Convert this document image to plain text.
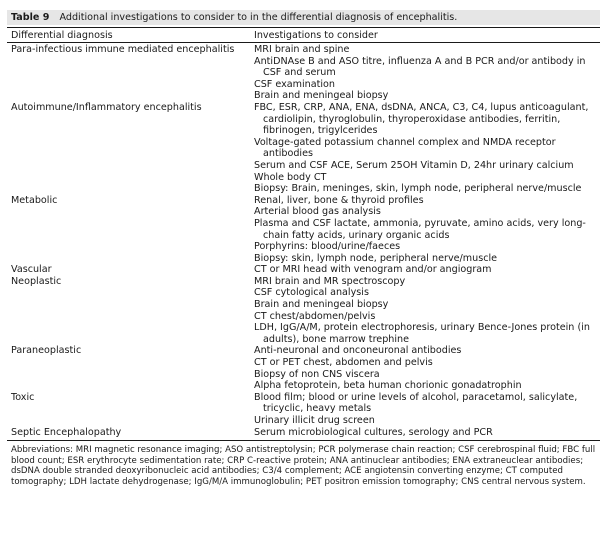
Table 9 Additional investigations to consider to in the differential diagnosis of encephalitis.
Differential diagnosis	Investigations to consider
Para-infectious immune mediated encephalitis	MRI brain and spine
AntiDNAse B and ASO titre, influenza A and B PCR and/or antibody in CSF and serum
CSF examination
Brain and meningeal biopsy
Autoimmune/Inflammatory encephalitis	FBC, ESR, CRP, ANA, ENA, dsDNA, ANCA, C3, C4, lupus anticoagulant, cardiolipin, thyroglobulin, thyroperoxidase antibodies, ferritin, fibrinogen, trigylcerides
Voltage-gated potassium channel complex and NMDA receptor antibodies
Serum and CSF ACE, Serum 25OH Vitamin D, 24hr urinary calcium
Whole body CT
Biopsy: Brain, meninges, skin, lymph node, peripheral nerve/muscle
Metabolic	Renal, liver, bone & thyroid profiles
Arterial blood gas analysis
Plasma and CSF lactate, ammonia, pyruvate, amino acids, very long-chain fatty acids, urinary organic acids
Porphyrins: blood/urine/faeces
Biopsy: skin, lymph node, peripheral nerve/muscle
Vascular	CT or MRI head with venogram and/or angiogram
Neoplastic	MRI brain and MR spectroscopy
CSF cytological analysis
Brain and meningeal biopsy
CT chest/abdomen/pelvis
LDH, IgG/A/M, protein electrophoresis, urinary Bence-Jones protein (in adults), bone marrow trephine
Paraneoplastic	Anti-neuronal and onconeuronal antibodies
CT or PET chest, abdomen and pelvis
Biopsy of non CNS viscera
Alpha fetoprotein, beta human chorionic gonadatrophin
Toxic	Blood film; blood or urine levels of alcohol, paracetamol, salicylate, tricyclic, heavy metals
Urinary illicit drug screen
Septic Encephalopathy	Serum microbiological cultures, serology and PCR
Abbreviations: MRI magnetic resonance imaging; ASO antistreptolysin; PCR polymerase chain reaction; CSF cerebrospinal fluid; FBC full blood count; ESR erythrocyte sedimentation rate; CRP C-reactive protein; ANA antinuclear antibodies; ENA extraneuclear antibodies; dsDNA double stranded deoxyribonucleic acid antibodies; C3/4 complement; ACE angiotensin converting enzyme; CT computed tomography; LDH lactate dehydrogenase; IgG/M/A immunoglobulin; PET positron emission tomography; CNS central nervous system.
